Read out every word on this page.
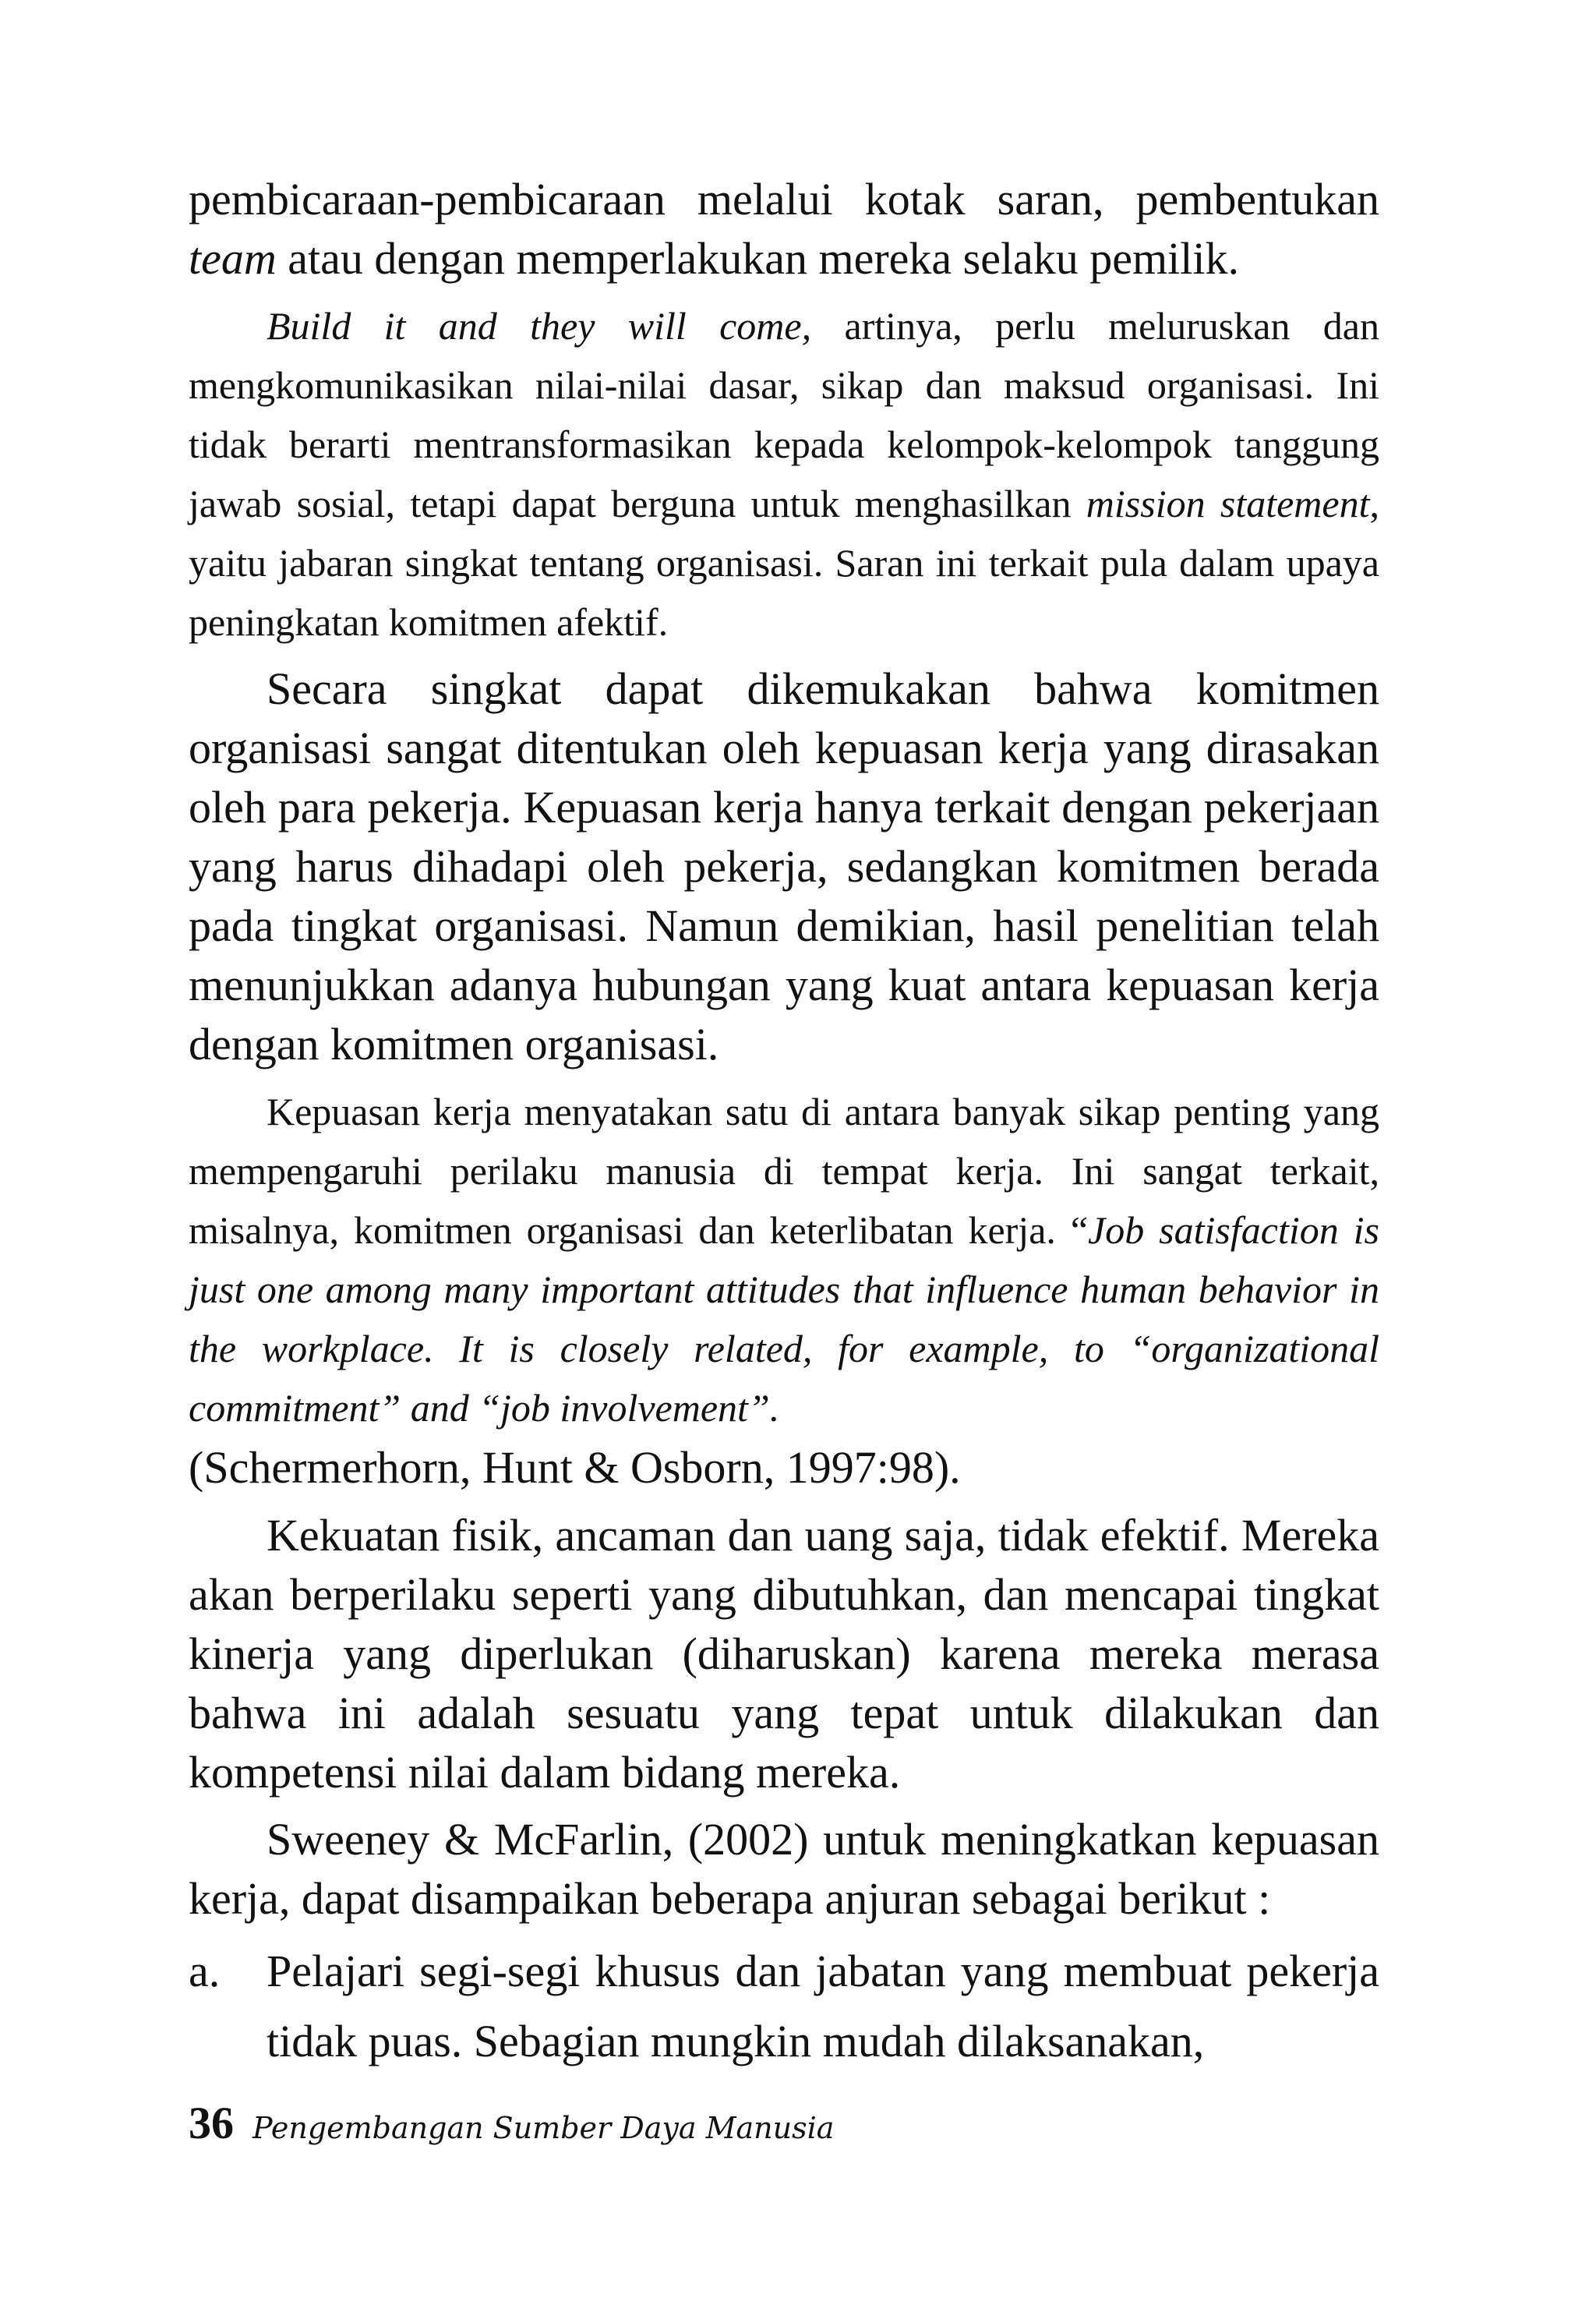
pembicaraan-pembicaraan melalui kotak saran, pembentukan team atau dengan memperlakukan mereka selaku pemilik.

Build it and they will come, artinya, perlu meluruskan dan mengkomunikasikan nilai-nilai dasar, sikap dan maksud organisasi. Ini tidak berarti mentransformasikan kepada kelompok-kelompok tanggung jawab sosial, tetapi dapat berguna untuk menghasilkan mission statement, yaitu jabaran singkat tentang organisasi. Saran ini terkait pula dalam upaya peningkatan komitmen afektif.

Secara singkat dapat dikemukakan bahwa komitmen organisasi sangat ditentukan oleh kepuasan kerja yang dirasakan oleh para pekerja. Kepuasan kerja hanya terkait dengan pekerjaan yang harus dihadapi oleh pekerja, sedangkan komitmen berada pada tingkat organisasi. Namun demikian, hasil penelitian telah menunjukkan adanya hubungan yang kuat antara kepuasan kerja dengan komitmen organisasi.

Kepuasan kerja menyatakan satu di antara banyak sikap penting yang mempengaruhi perilaku manusia di tempat kerja. Ini sangat terkait, misalnya, komitmen organisasi dan keterlibatan kerja. “Job satisfaction is just one among many important attitudes that influence human behavior in the workplace. It is closely related, for example, to “organizational commitment” and “job involvement”.

(Schermerhorn, Hunt & Osborn, 1997:98).

Kekuatan fisik, ancaman dan uang saja, tidak efektif. Mereka akan berperilaku seperti yang dibutuhkan, dan mencapai tingkat kinerja yang diperlukan (diharuskan) karena mereka merasa bahwa ini adalah sesuatu yang tepat untuk dilakukan dan kompetensi nilai dalam bidang mereka.

Sweeney & McFarlin, (2002) untuk meningkatkan kepuasan kerja, dapat disampaikan beberapa anjuran sebagai berikut :

a. Pelajari segi-segi khusus dan jabatan yang membuat pekerja tidak puas. Sebagian mungkin mudah dilaksanakan,
36 Pengembangan Sumber Daya Manusia
